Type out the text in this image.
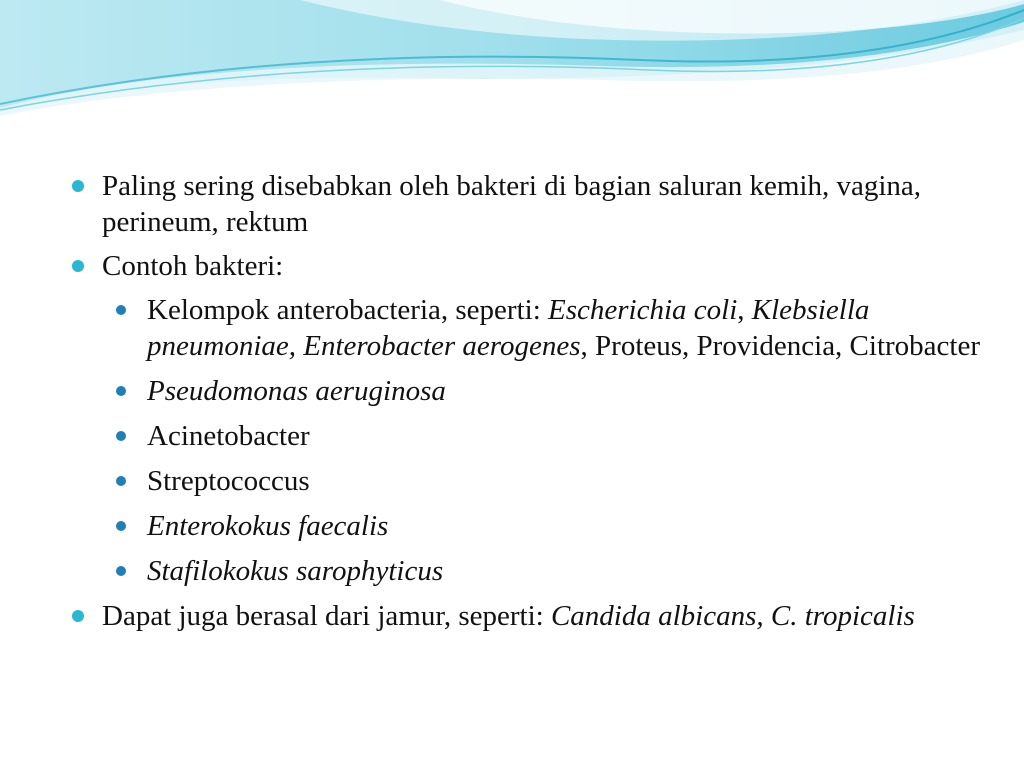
Paling sering disebabkan oleh bakteri di bagian saluran kemih, vagina, perineum, rektum
Contoh bakteri:
Kelompok anterobacteria, seperti: Escherichia coli, Klebsiella pneumoniae, Enterobacter aerogenes, Proteus, Providencia, Citrobacter
Pseudomonas aeruginosa
Acinetobacter
Streptococcus
Enterokokus faecalis
Stafilokokus sarophyticus
Dapat juga berasal dari jamur, seperti: Candida albicans, C. tropicalis
